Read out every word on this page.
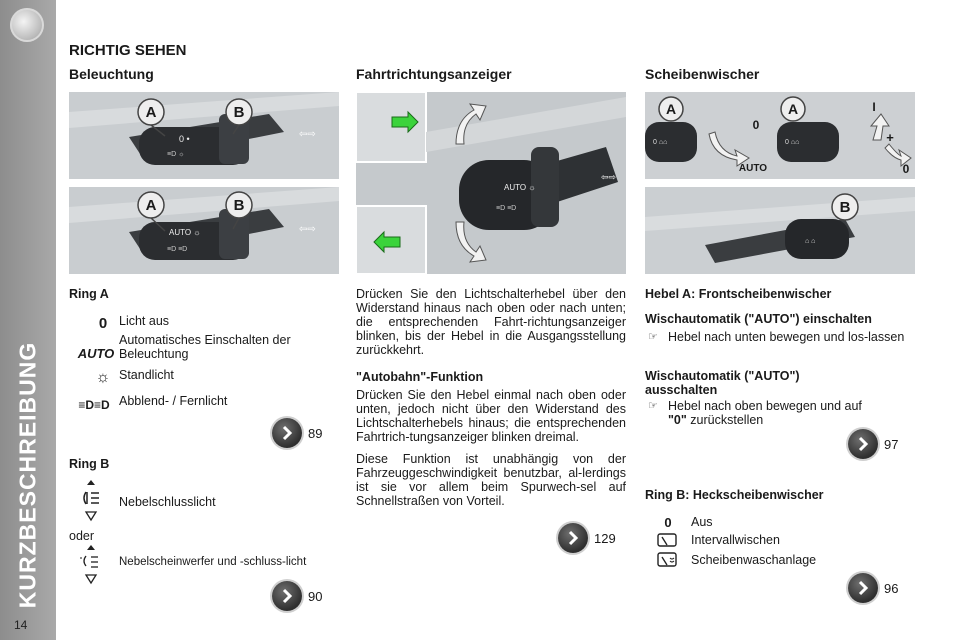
KURZBESCHREIBUNG
14
RICHTIG SEHEN
Beleuchtung
0 •
≡D ☼
⇦⇨
A	B
AUTO ☼
≡D ≡D
⇦⇨
A	B
Ring A
0 Licht aus
AUTO
Automatisches Einschalten der Beleuchtung
☼ Standlicht
≡D≡D Abblend- / Fernlicht
89
Ring B
Nebelschlusslicht
oder
Nebelscheinwerfer und -schluss-licht
90
Fahrtrichtungsanzeiger
AUTO ☼
≡D ≡D
⇦⇨
Drücken Sie den Lichtschalterhebel über den Widerstand hinaus nach oben oder nach unten; die entsprechenden Fahrt-richtungsanzeiger blinken, bis der Hebel in die Ausgangsstellung zurückkehrt.
"Autobahn"-Funktion
Drücken Sie den Hebel einmal nach oben oder unten, jedoch nicht über den Widerstand des Lichtschalterhebels hinaus; die entsprechenden Fahrtrich-tungsanzeiger blinken dreimal.
Diese Funktion ist unabhängig von der Fahrzeuggeschwindigkeit benutzbar, al-lerdings ist sie vor allem beim Spurwech-sel auf Schnellstraßen von Vorteil.
129
Scheibenwischer
0 ⌂⌂	0 ⌂⌂
A	A
0
AUTO
I
+
0
⌂ ⌂
B
Hebel A: Frontscheibenwischer
Wischautomatik ("AUTO") einschalten
☞ Hebel nach unten bewegen und los-lassen
Wischautomatik ("AUTO") ausschalten
☞ Hebel nach oben bewegen und auf
"0" zurückstellen
97
Ring B: Heckscheibenwischer
0	Aus
Intervallwischen
Scheibenwaschanlage
96
